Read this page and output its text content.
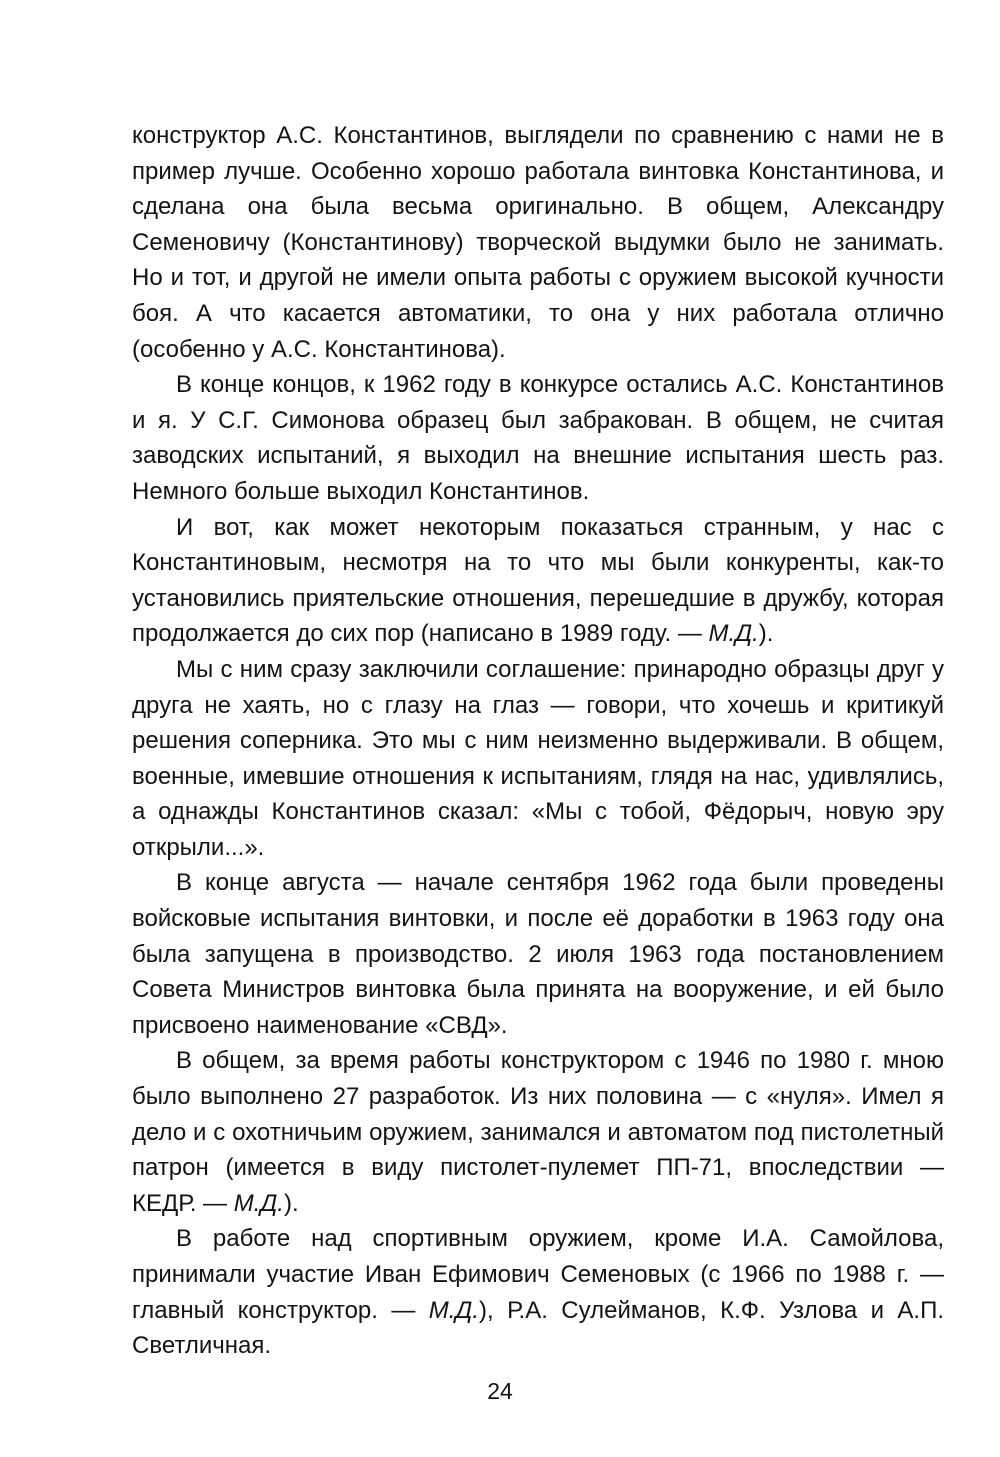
конструктор А.С. Константинов, выглядели по сравнению с нами не в пример лучше. Особенно хорошо работала винтовка Константинова, и сделана она была весьма оригинально. В общем, Александру Семеновичу (Константинову) творческой выдумки было не занимать. Но и тот, и другой не имели опыта работы с оружием высокой кучности боя. А что касается автоматики, то она у них работала отлично (особенно у А.С. Константинова).

В конце концов, к 1962 году в конкурсе остались А.С. Константинов и я. У С.Г. Симонова образец был забракован. В общем, не считая заводских испытаний, я выходил на внешние испытания шесть раз. Немного больше выходил Константинов.

И вот, как может некоторым показаться странным, у нас с Константиновым, несмотря на то что мы были конкуренты, как-то установились приятельские отношения, перешедшие в дружбу, которая продолжается до сих пор (написано в 1989 году. — М.Д.).

Мы с ним сразу заключили соглашение: принародно образцы друг у друга не хаять, но с глазу на глаз — говори, что хочешь и критикуй решения соперника. Это мы с ним неизменно выдерживали. В общем, военные, имевшие отношения к испытаниям, глядя на нас, удивлялись, а однажды Константинов сказал: «Мы с тобой, Фёдорыч, новую эру открыли...».

В конце августа — начале сентября 1962 года были проведены войсковые испытания винтовки, и после её доработки в 1963 году она была запущена в производство. 2 июля 1963 года постановлением Совета Министров винтовка была принята на вооружение, и ей было присвоено наименование «СВД».

В общем, за время работы конструктором с 1946 по 1980 г. мною было выполнено 27 разработок. Из них половина — с «нуля». Имел я дело и с охотничьим оружием, занимался и автоматом под пистолетный патрон (имеется в виду пистолет-пулемет ПП-71, впоследствии — КЕДР. — М.Д.).

В работе над спортивным оружием, кроме И.А. Самойлова, принимали участие Иван Ефимович Семеновых (с 1966 по 1988 г. — главный конструктор. — М.Д.), Р.А. Сулейманов, К.Ф. Узлова и А.П. Светличная.

24
